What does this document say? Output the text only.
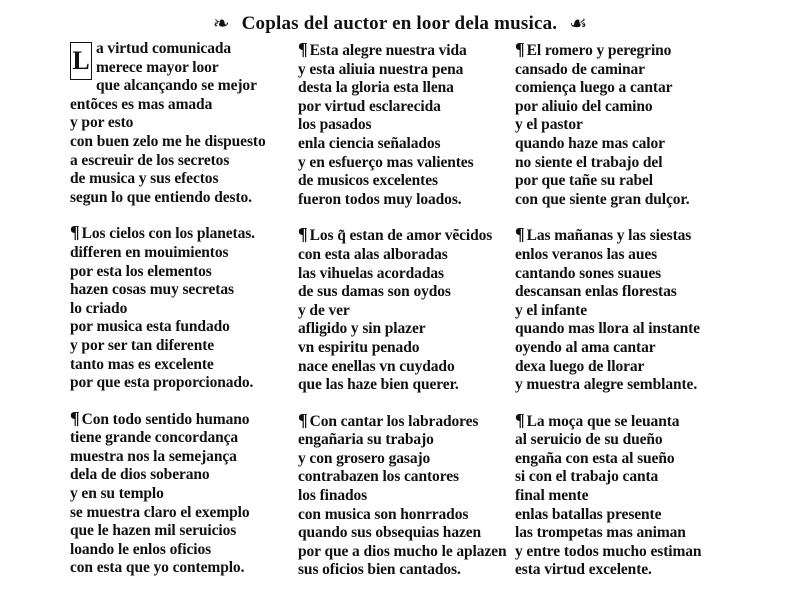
❧ Coplas del auctor en loor dela musica. ☙
L a virtud comunicada
merece mayor loor
que alcançando se mejor
entõces es mas amada
y por esto
con buen zelo me he dispuesto
a escreuir de los secretos
de musica y sus efectos
segun lo que entiendo desto.
¶ Los cielos con los planetas.
differen en mouimientos
por esta los elementos
hazen cosas muy secretas
lo criado
por musica esta fundado
y por ser tan diferente
tanto mas es excelente
por que esta proporcionado.
¶ Con todo sentido humano
tiene grande concordança
muestra nos la semejança
dela de dios soberano
y en su templo
se muestra claro el exemplo
que le hazen mil seruicios
loando le enlos oficios
con esta que yo contemplo.
¶ Esta alegre nuestra vida
y esta aliuia nuestra pena
desta la gloria esta llena
por virtud esclarecida
los pasados
enla ciencia señalados
y en esfuerço mas valientes
de musicos excelentes
fueron todos muy loados.
¶ Los q̃ estan de amor vẽcidos
con esta alas alboradas
las vihuelas acordadas
de sus damas son oydos
y de ver
afligido y sin plazer
vn espiritu penado
nace enellas vn cuydado
que las haze bien querer.
¶ Con cantar los labradores
engañaria su trabajo
y con grosero gasajo
contrabazen los cantores
los finados
con musica son honrrados
quando sus obsequias hazen
por que a dios mucho le aplazen
sus oficios bien cantados.
¶ El romero y peregrino
cansado de caminar
comiença luego a cantar
por aliuio del camino
y el pastor
quando haze mas calor
no siente el trabajo del
por que tañe su rabel
con que siente gran dulçor.
¶ Las mañanas y las siestas
enlos veranos las aues
cantando sones suaues
descansan enlas florestas
y el infante
quando mas llora al instante
oyendo al ama cantar
dexa luego de llorar
y muestra alegre semblante.
¶ La moça que se leuanta
al seruicio de su dueño
engaña con esta al sueño
si con el trabajo canta
final mente
enlas batallas presente
las trompetas mas animan
y entre todos mucho estiman
esta virtud excelente.
